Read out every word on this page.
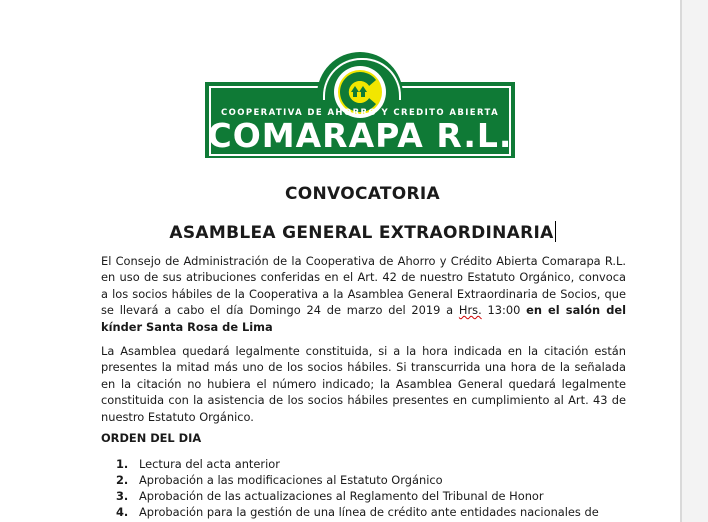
COOPERATIVA DE AHORRO Y CREDITO ABIERTA
COMARAPA R.L.
CONVOCATORIA
ASAMBLEA GENERAL EXTRAORDINARIA
El Consejo de Administración de la Cooperativa de Ahorro y Crédito Abierta Comarapa R.L. en uso de sus atribuciones conferidas en el Art. 42 de nuestro Estatuto Orgánico, convoca a los socios hábiles de la Cooperativa a la Asamblea General Extraordinaria de Socios, que se llevará a cabo el día Domingo 24 de marzo del 2019 a Hrs. 13:00 en el salón del kínder Santa Rosa de Lima
La Asamblea quedará legalmente constituida, si a la hora indicada en la citación están presentes la mitad más uno de los socios hábiles. Si transcurrida una hora de la señalada en la citación no hubiera el número indicado; la Asamblea General quedará legalmente constituida con la asistencia de los socios hábiles presentes en cumplimiento al Art. 43 de nuestro Estatuto Orgánico.
ORDEN DEL DIA
1. Lectura del acta anterior
2. Aprobación a las modificaciones al Estatuto Orgánico
3. Aprobación de las actualizaciones al Reglamento del Tribunal de Honor
4. Aprobación para la gestión de una línea de crédito ante entidades nacionales de
